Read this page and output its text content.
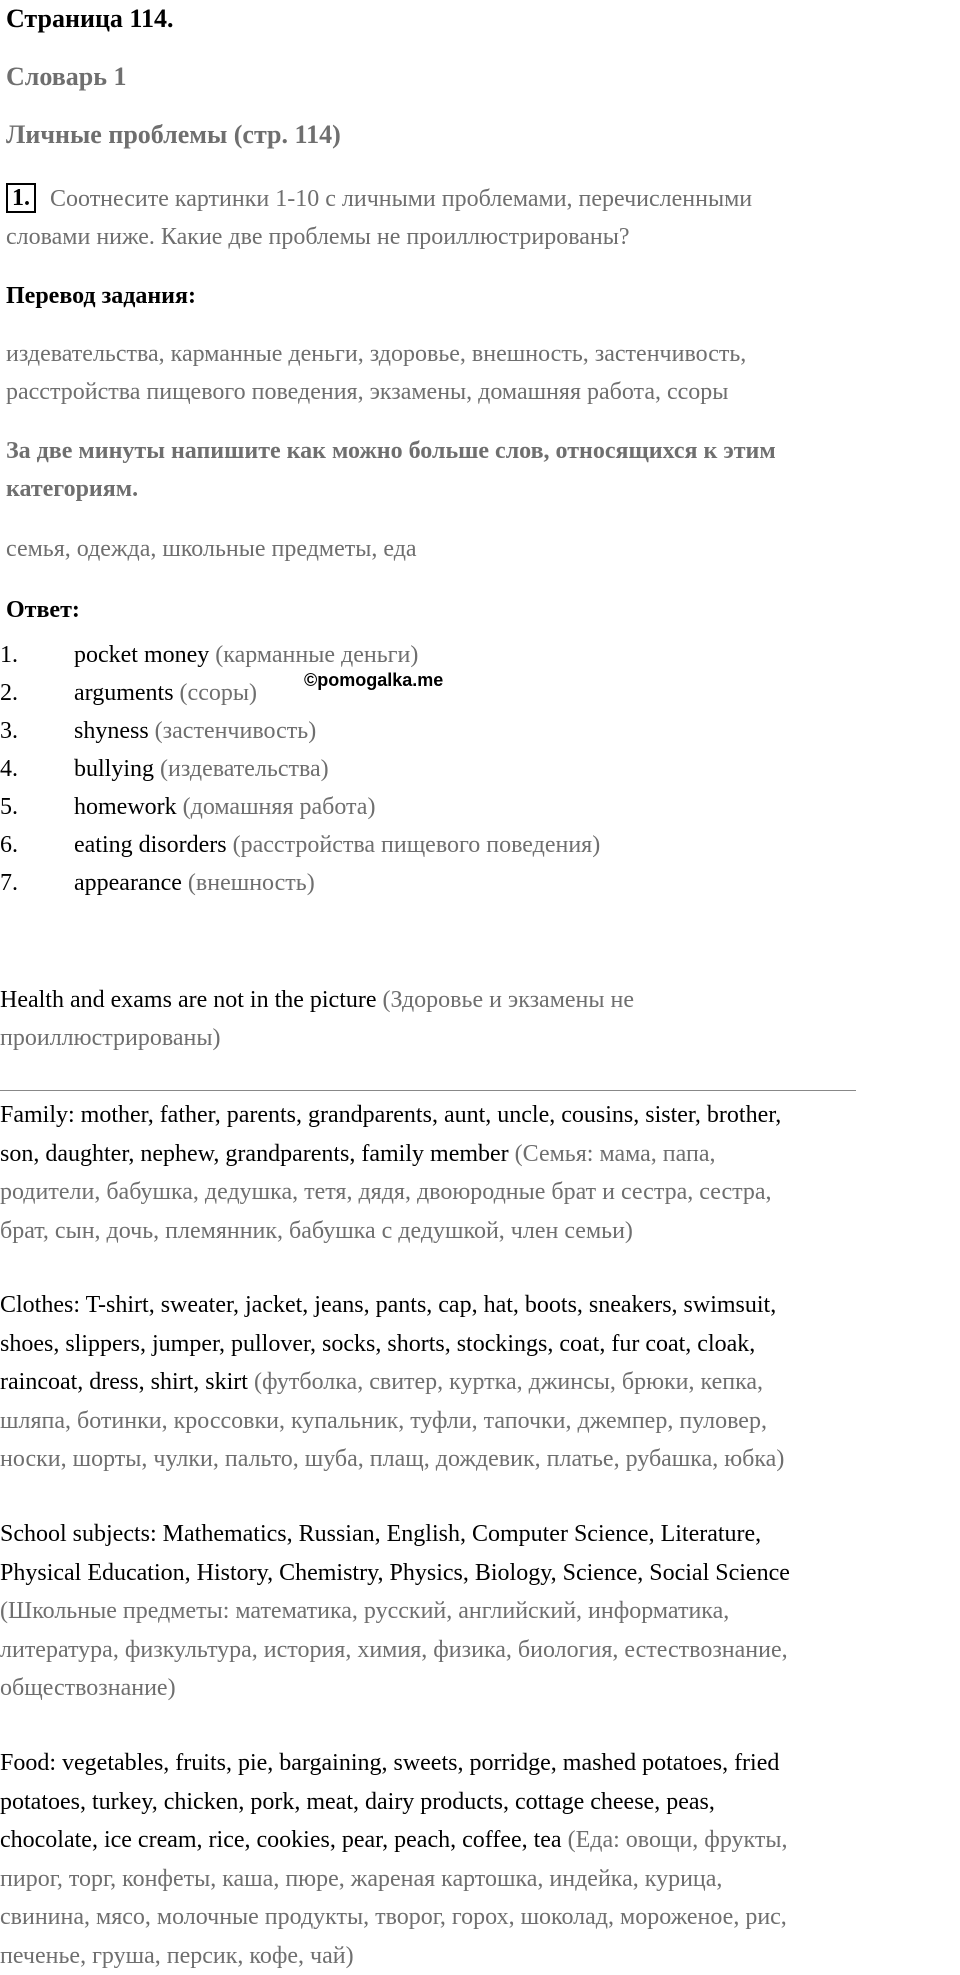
Страница 114.
Словарь 1
Личные проблемы (стр. 114)
1. Соотнесите картинки 1-10 с личными проблемами, перечисленными
словами ниже. Какие две проблемы не проиллюстрированы?
Перевод задания:
издевательства, карманные деньги, здоровье, внешность, застенчивость,
расстройства пищевого поведения, экзамены, домашняя работа, ссоры
За две минуты напишите как можно больше слов, относящихся к этим
категориям.
семья, одежда, школьные предметы, еда
Ответ:
1. pocket money (карманные деньги)
2. arguments (ссоры)
3. shyness (застенчивость)
4. bullying (издевательства)
5. homework (домашняя работа)
6. eating disorders (расстройства пищевого поведения)
7. appearance (внешность)
©pomogalka.me
Health and exams are not in the picture (Здоровье и экзамены не
проиллюстрированы)
Family: mother, father, parents, grandparents, aunt, uncle, cousins, sister, brother,
son, daughter, nephew, grandparents, family member (Семья: мама, папа,
родители, бабушка, дедушка, тетя, дядя, двоюродные брат и сестра, сестра,
брат, сын, дочь, племянник, бабушка с дедушкой, член семьи)
Clothes: T-shirt, sweater, jacket, jeans, pants, cap, hat, boots, sneakers, swimsuit,
shoes, slippers, jumper, pullover, socks, shorts, stockings, coat, fur coat, cloak,
raincoat, dress, shirt, skirt (футболка, свитер, куртка, джинсы, брюки, кепка,
шляпа, ботинки, кроссовки, купальник, туфли, тапочки, джемпер, пуловер,
носки, шорты, чулки, пальто, шуба, плащ, дождевик, платье, рубашка, юбка)
School subjects: Mathematics, Russian, English, Computer Science, Literature,
Physical Education, History, Chemistry, Physics, Biology, Science, Social Science
(Школьные предметы: математика, русский, английский, информатика,
литература, физкультура, история, химия, физика, биология, естествознание,
обществознание)
Food: vegetables, fruits, pie, bargaining, sweets, porridge, mashed potatoes, fried
potatoes, turkey, chicken, pork, meat, dairy products, cottage cheese, peas,
chocolate, ice cream, rice, cookies, pear, peach, coffee, tea (Еда: овощи, фрукты,
пирог, торг, конфеты, каша, пюре, жареная картошка, индейка, курица,
свинина, мясо, молочные продукты, творог, горох, шоколад, мороженое, рис,
печенье, груша, персик, кофе, чай)
